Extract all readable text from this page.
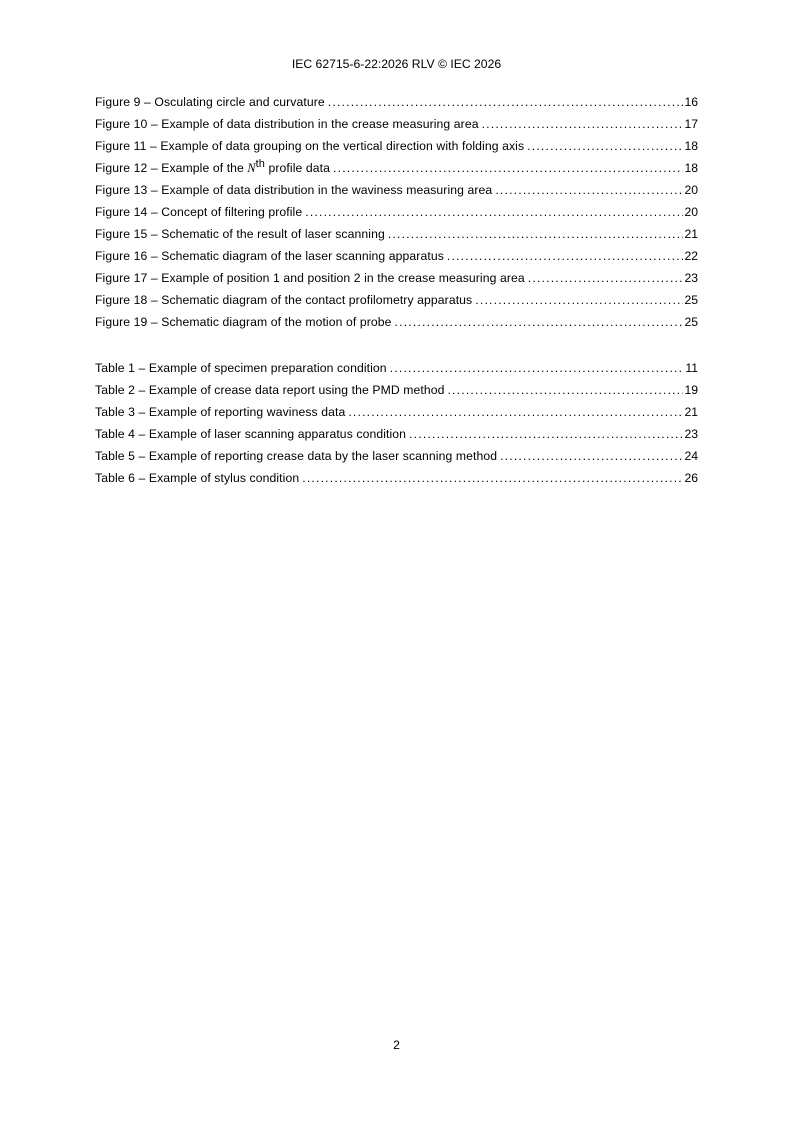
IEC 62715-6-22:2026 RLV © IEC 2026
Figure 9 – Osculating circle and curvature .....	16
Figure 10 – Example of data distribution in the crease measuring area .....	17
Figure 11 – Example of data grouping on the vertical direction with folding axis .....	18
Figure 12 – Example of the Nth profile data .....	18
Figure 13 – Example of data distribution in the waviness measuring area .....	20
Figure 14 – Concept of filtering profile .....	20
Figure 15 – Schematic of the result of laser scanning .....	21
Figure 16 – Schematic diagram of the laser scanning apparatus .....	22
Figure 17 – Example of position 1 and position 2 in the crease measuring area .....	23
Figure 18 – Schematic diagram of the contact profilometry apparatus .....	25
Figure 19 – Schematic diagram of the motion of probe .....	25
Table 1 – Example of specimen preparation condition .....	11
Table 2 – Example of crease data report using the PMD method .....	19
Table 3 – Example of reporting waviness data .....	21
Table 4 – Example of laser scanning apparatus condition .....	23
Table 5 – Example of reporting crease data by the laser scanning method .....	24
Table 6 – Example of stylus condition .....	26
2
